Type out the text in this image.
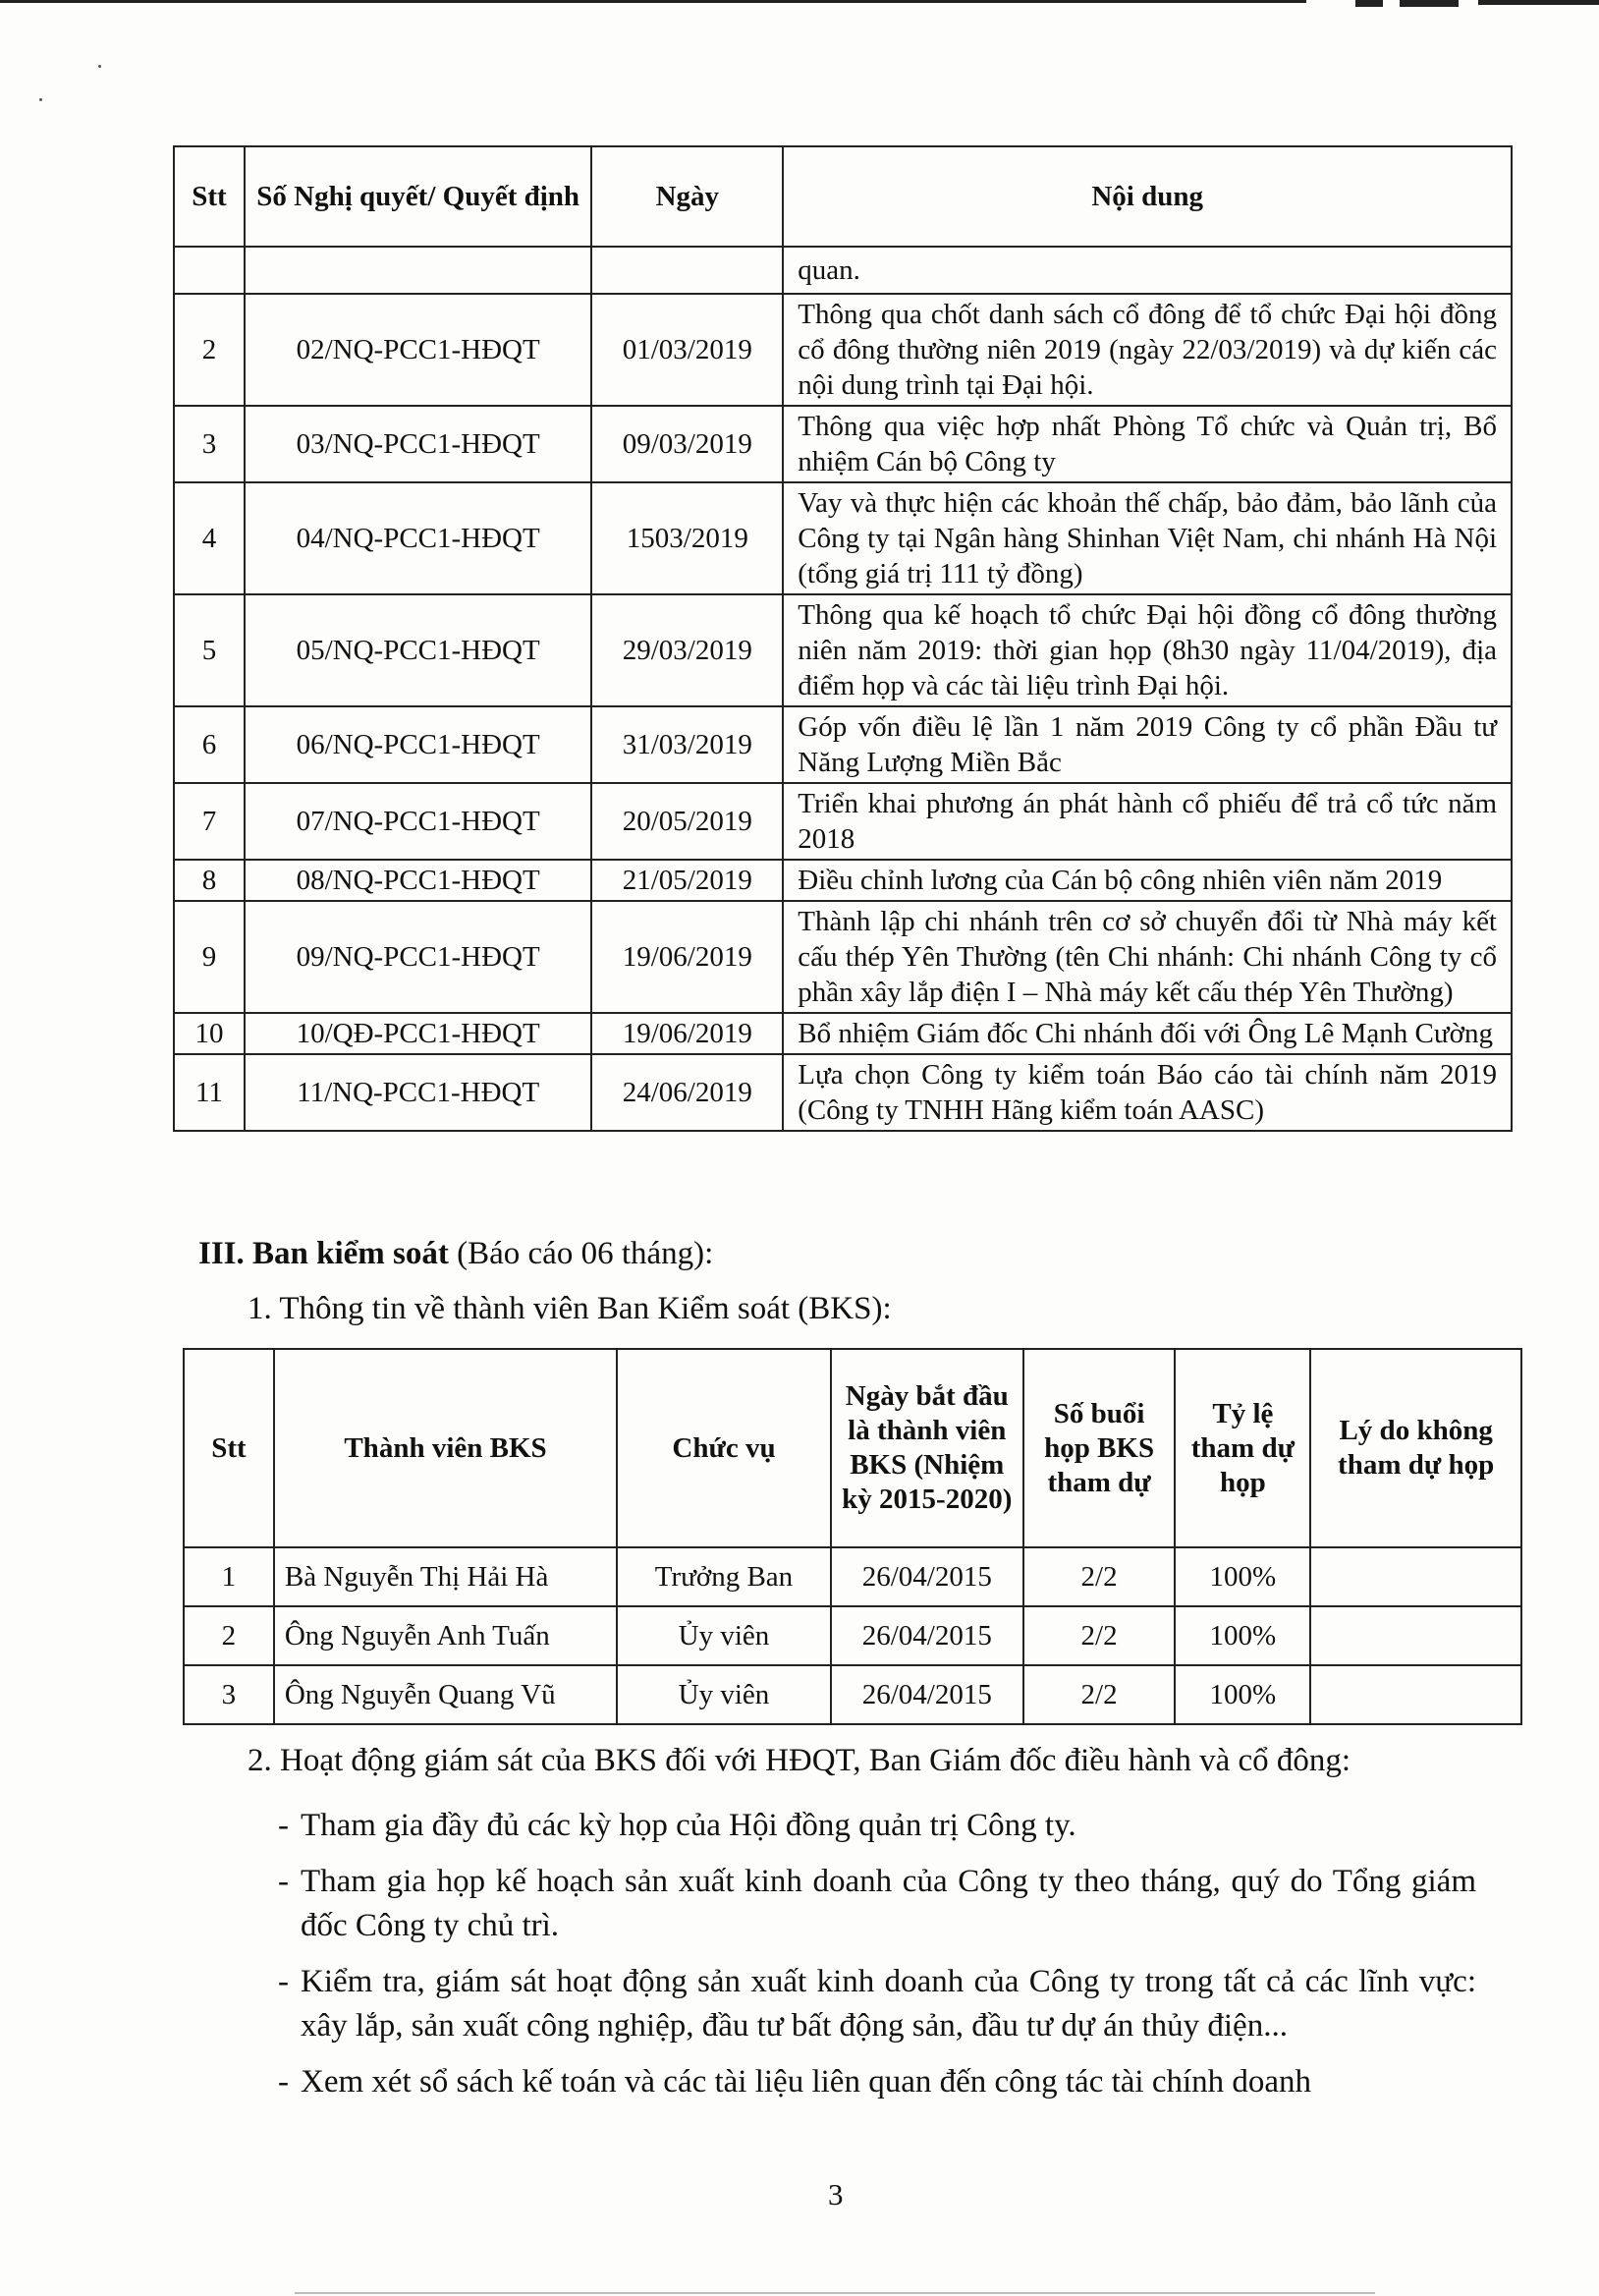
Stt	Số Nghị quyết/ Quyết định	Ngày	Nội dung
			quan.
2	02/NQ-PCC1-HĐQT	01/03/2019	Thông qua chốt danh sách cổ đông để tổ chức Đại hội đồng cổ đông thường niên 2019 (ngày 22/03/2019) và dự kiến các nội dung trình tại Đại hội.
3	03/NQ-PCC1-HĐQT	09/03/2019	Thông qua việc hợp nhất Phòng Tổ chức và Quản trị, Bổ nhiệm Cán bộ Công ty
4	04/NQ-PCC1-HĐQT	1503/2019	Vay và thực hiện các khoản thế chấp, bảo đảm, bảo lãnh của Công ty tại Ngân hàng Shinhan Việt Nam, chi nhánh Hà Nội (tổng giá trị 111 tỷ đồng)
5	05/NQ-PCC1-HĐQT	29/03/2019	Thông qua kế hoạch tổ chức Đại hội đồng cổ đông thường niên năm 2019: thời gian họp (8h30 ngày 11/04/2019), địa điểm họp và các tài liệu trình Đại hội.
6	06/NQ-PCC1-HĐQT	31/03/2019	Góp vốn điều lệ lần 1 năm 2019 Công ty cổ phần Đầu tư Năng Lượng Miền Bắc
7	07/NQ-PCC1-HĐQT	20/05/2019	Triển khai phương án phát hành cổ phiếu để trả cổ tức năm 2018
8	08/NQ-PCC1-HĐQT	21/05/2019	Điều chỉnh lương của Cán bộ công nhiên viên năm 2019
9	09/NQ-PCC1-HĐQT	19/06/2019	Thành lập chi nhánh trên cơ sở chuyển đổi từ Nhà máy kết cấu thép Yên Thường (tên Chi nhánh: Chi nhánh Công ty cổ phần xây lắp điện I – Nhà máy kết cấu thép Yên Thường)
10	10/QĐ-PCC1-HĐQT	19/06/2019	Bổ nhiệm Giám đốc Chi nhánh đối với Ông Lê Mạnh Cường
11	11/NQ-PCC1-HĐQT	24/06/2019	Lựa chọn Công ty kiểm toán Báo cáo tài chính năm 2019 (Công ty TNHH Hãng kiểm toán AASC)
III. Ban kiểm soát (Báo cáo 06 tháng):
1. Thông tin về thành viên Ban Kiểm soát (BKS):
Stt	Thành viên BKS	Chức vụ	Ngày bắt đầu là thành viên BKS (Nhiệm kỳ 2015-2020)	Số buổi họp BKS tham dự	Tỷ lệ tham dự họp	Lý do không tham dự họp
1	Bà Nguyễn Thị Hải Hà	Trưởng Ban	26/04/2015	2/2	100%	
2	Ông Nguyễn Anh Tuấn	Ủy viên	26/04/2015	2/2	100%	
3	Ông Nguyễn Quang Vũ	Ủy viên	26/04/2015	2/2	100%	
2. Hoạt động giám sát của BKS đối với HĐQT, Ban Giám đốc điều hành và cổ đông:
- Tham gia đầy đủ các kỳ họp của Hội đồng quản trị Công ty.
- Tham gia họp kế hoạch sản xuất kinh doanh của Công ty theo tháng, quý do Tổng giám đốc Công ty chủ trì.
- Kiểm tra, giám sát hoạt động sản xuất kinh doanh của Công ty trong tất cả các lĩnh vực: xây lắp, sản xuất công nghiệp, đầu tư bất động sản, đầu tư dự án thủy điện...
- Xem xét sổ sách kế toán và các tài liệu liên quan đến công tác tài chính doanh
3
